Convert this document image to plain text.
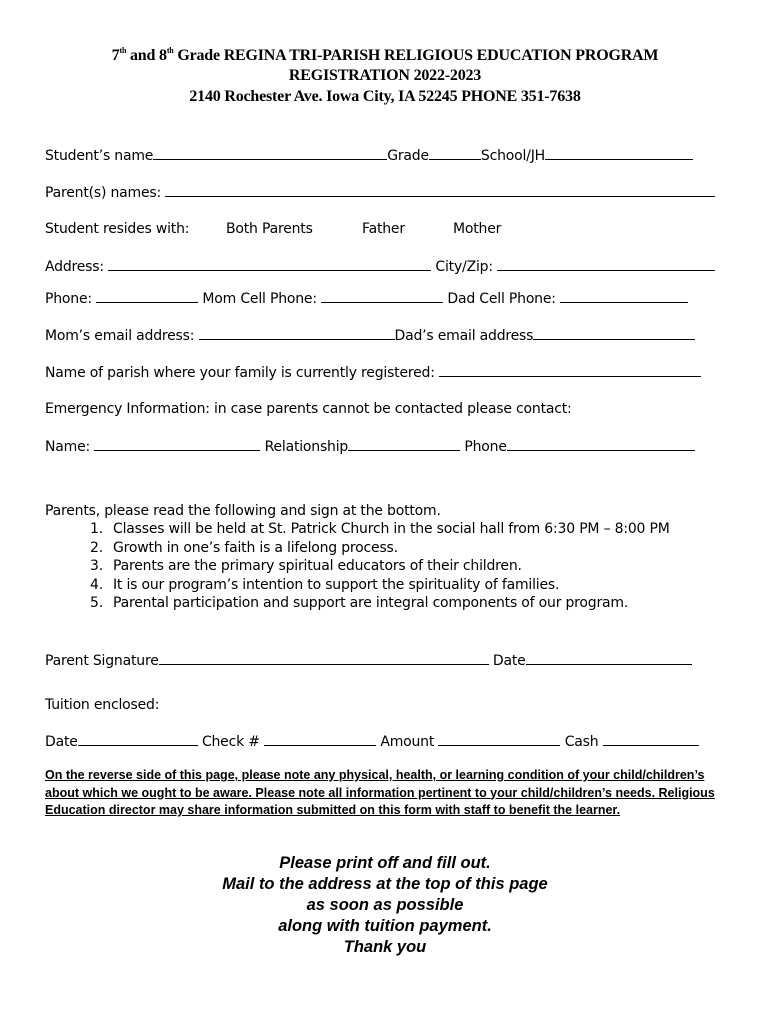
7th and 8th Grade REGINA TRI-PARISH RELIGIOUS EDUCATION PROGRAM
REGISTRATION 2022-2023
2140 Rochester Ave. Iowa City, IA 52245 PHONE 351-7638
Student’s name	Grade	School/JH
Parent(s) names:
Student resides with:	Both Parents	Father	Mother
Address:	City/Zip:
Phone:	Mom Cell Phone:	Dad Cell Phone:
Mom’s email address:	Dad’s email address
Name of parish where your family is currently registered:
Emergency Information: in case parents cannot be contacted please contact:
Name:	Relationship	Phone
Parents, please read the following and sign at the bottom.
1. Classes will be held at St. Patrick Church in the social hall from 6:30 PM – 8:00 PM
2. Growth in one’s faith is a lifelong process.
3. Parents are the primary spiritual educators of their children.
4. It is our program’s intention to support the spirituality of families.
5. Parental participation and support are integral components of our program.
Parent Signature	Date
Tuition enclosed:
Date	Check #	Amount	Cash
On the reverse side of this page, please note any physical, health, or learning condition of your child/children’s about which we ought to be aware. Please note all information pertinent to your child/children’s needs. Religious Education director may share information submitted on this form with staff to benefit the learner.
Please print off and fill out.
Mail to the address at the top of this page
as soon as possible
along with tuition payment.
Thank you
